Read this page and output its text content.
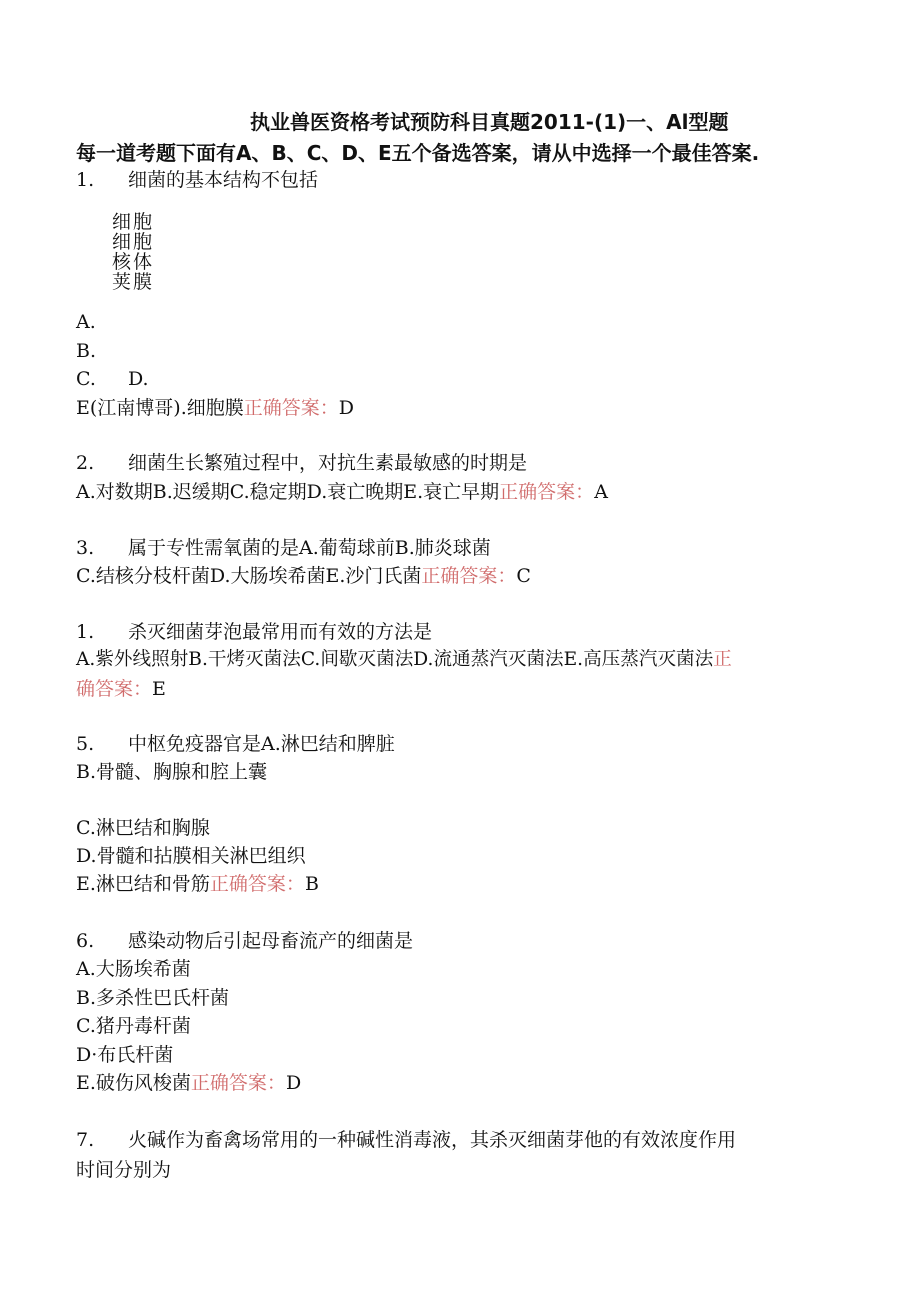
执业兽医资格考试预防科目真题2011-(1)一、Al型题
每一道考题下面有A、B、C、D、E五个备选答案，请从中选择一个最佳答案.
1. 细菌的基本结构不包括
细胞
细胞
核体
荚膜
A.
B.
C. D.
E(江南博哥).细胞膜正确答案：D
2. 细菌生长繁殖过程中，对抗生素最敏感的时期是
A.对数期B.迟缓期C.稳定期D.衰亡晚期E.衰亡早期正确答案：A
3. 属于专性需氧菌的是A.葡萄球前B.肺炎球菌
C.结核分枝杆菌D.大肠埃希菌E.沙门氏菌正确答案：C
1. 杀灭细菌芽泡最常用而有效的方法是
A.紫外线照射B.干烤灭菌法C.间歇灭菌法D.流通蒸汽灭菌法E.高压蒸汽灭菌法正
确答案：E
5. 中枢免疫器官是A.淋巴结和脾脏
B.骨髓、胸腺和腔上囊
C.淋巴结和胸腺
D.骨髓和拈膜相关淋巴组织
E.淋巴结和骨筋正确答案：B
6. 感染动物后引起母畜流产的细菌是
A.大肠埃希菌
B.多杀性巴氏杆菌
C.猪丹毒杆菌
D·布氏杆菌
E.破伤风梭菌正确答案：D
7. 火碱作为畜禽场常用的一种碱性消毒液，其杀灭细菌芽他的有效浓度作用
时间分别为
